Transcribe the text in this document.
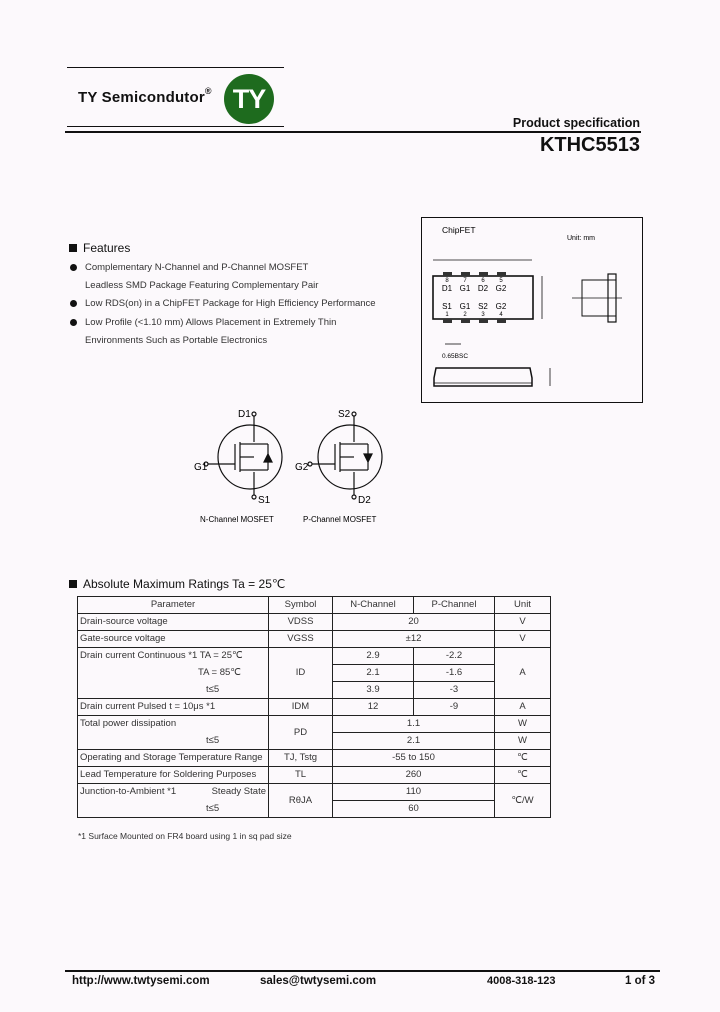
TY Semicondutor® TY
Product specification
KTHC5513
Features
Complementary N-Channel and P-Channel MOSFET
Leadless SMD Package Featuring Complementary Pair
Low RDS(on) in a ChipFET Package for High Efficiency Performance
Low Profile (<1.10 mm) Allows Placement in Extremely Thin
Environments Such as Portable Electronics
ChipFET
Unit: mm
8 7 6 5
1 2 3 4
D1 G1 D2 G2
S1 G1 S2 G2
0.65BSC
D1
G1
S1
N-Channel MOSFET
S2
G2
D2
P-Channel MOSFET
Absolute Maximum Ratings Ta = 25℃
Parameter	Symbol	N-Channel	P-Channel	Unit
Drain-source voltage	VDSS	20		V
Gate-source voltage	VGSS	±12		V
Drain current Continuous *1 TA = 25℃	ID	2.9	-2.2	A
TA = 85℃		2.1	-1.6	
t≤5		3.9	-3	
Drain current Pulsed t = 10μs *1	IDM	12	-9	A
Total power dissipation	PD	1.1		W
t≤5		2.1		W
Operating and Storage Temperature Range	TJ, Tstg	-55 to 150		℃
Lead Temperature for Soldering Purposes	TL	260		℃
Junction-to-Ambient *1 Steady State	RθJA	110		℃/W
t≤5		60		
*1 Surface Mounted on FR4 board using 1 in sq pad size
http://www.twtysemi.com	sales@twtysemi.com	4008-318-123	1 of 3
